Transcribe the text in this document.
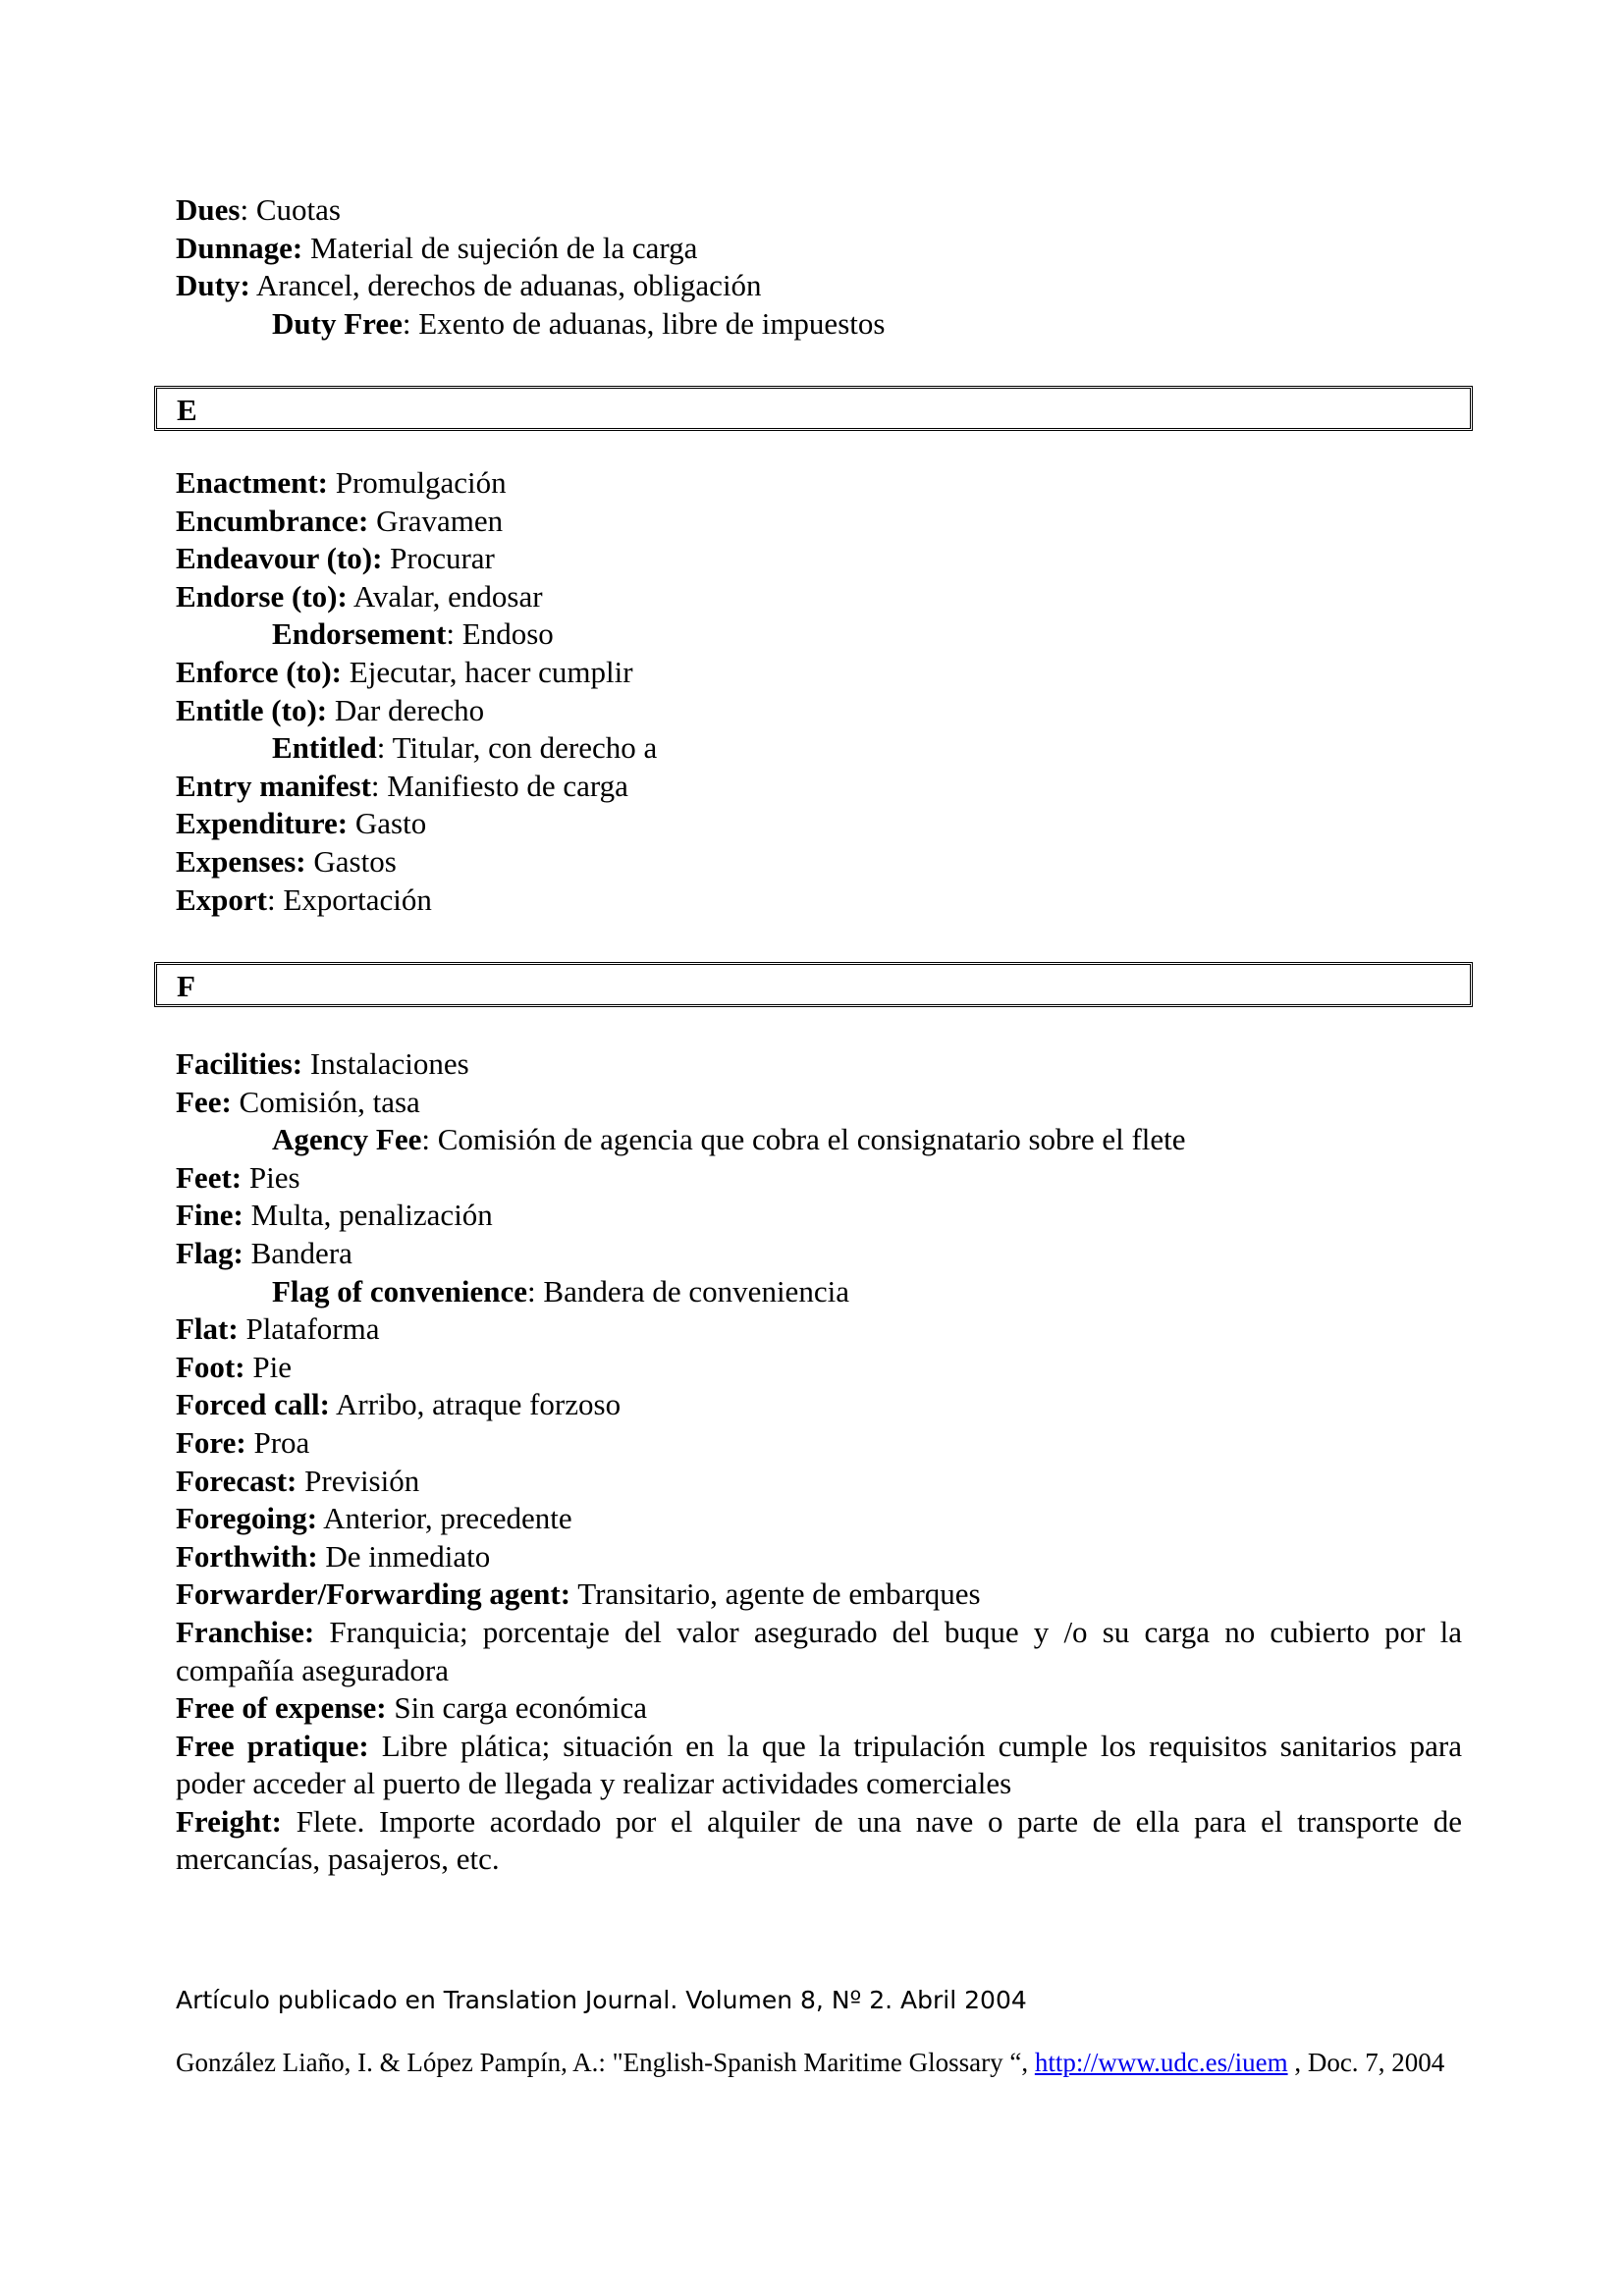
Dues: Cuotas

Dunnage: Material de sujeción de la carga

Duty: Arancel, derechos de aduanas, obligación

Duty Free: Exento de aduanas, libre de impuestos

E

Enactment: Promulgación

Encumbrance: Gravamen

Endeavour (to): Procurar

Endorse (to): Avalar, endosar

Endorsement: Endoso

Enforce (to): Ejecutar, hacer cumplir

Entitle (to): Dar derecho

Entitled: Titular, con derecho a

Entry manifest: Manifiesto de carga

Expenditure: Gasto

Expenses: Gastos

Export: Exportación

F

Facilities: Instalaciones

Fee: Comisión, tasa

Agency Fee: Comisión de agencia que cobra el consignatario sobre el flete

Feet: Pies

Fine: Multa, penalización

Flag: Bandera

Flag of convenience: Bandera de conveniencia

Flat: Plataforma

Foot: Pie

Forced call: Arribo, atraque forzoso

Fore: Proa

Forecast: Previsión

Foregoing: Anterior, precedente

Forthwith: De inmediato

Forwarder/Forwarding agent: Transitario, agente de embarques

Franchise: Franquicia; porcentaje del valor asegurado del buque y /o su carga no cubierto por la compañía aseguradora

Free of expense: Sin carga económica

Free pratique: Libre plática; situación en la que la tripulación cumple los requisitos sanitarios para poder acceder al puerto de llegada y realizar actividades comerciales

Freight: Flete. Importe acordado por el alquiler de una nave o parte de ella para el transporte de mercancías, pasajeros, etc.

Artículo publicado en Translation Journal. Volumen 8, Nº 2. Abril 2004
González Liaño, I. & López Pampín, A.: "English-Spanish Maritime Glossary “, http://www.udc.es/iuem , Doc. 7, 2004
